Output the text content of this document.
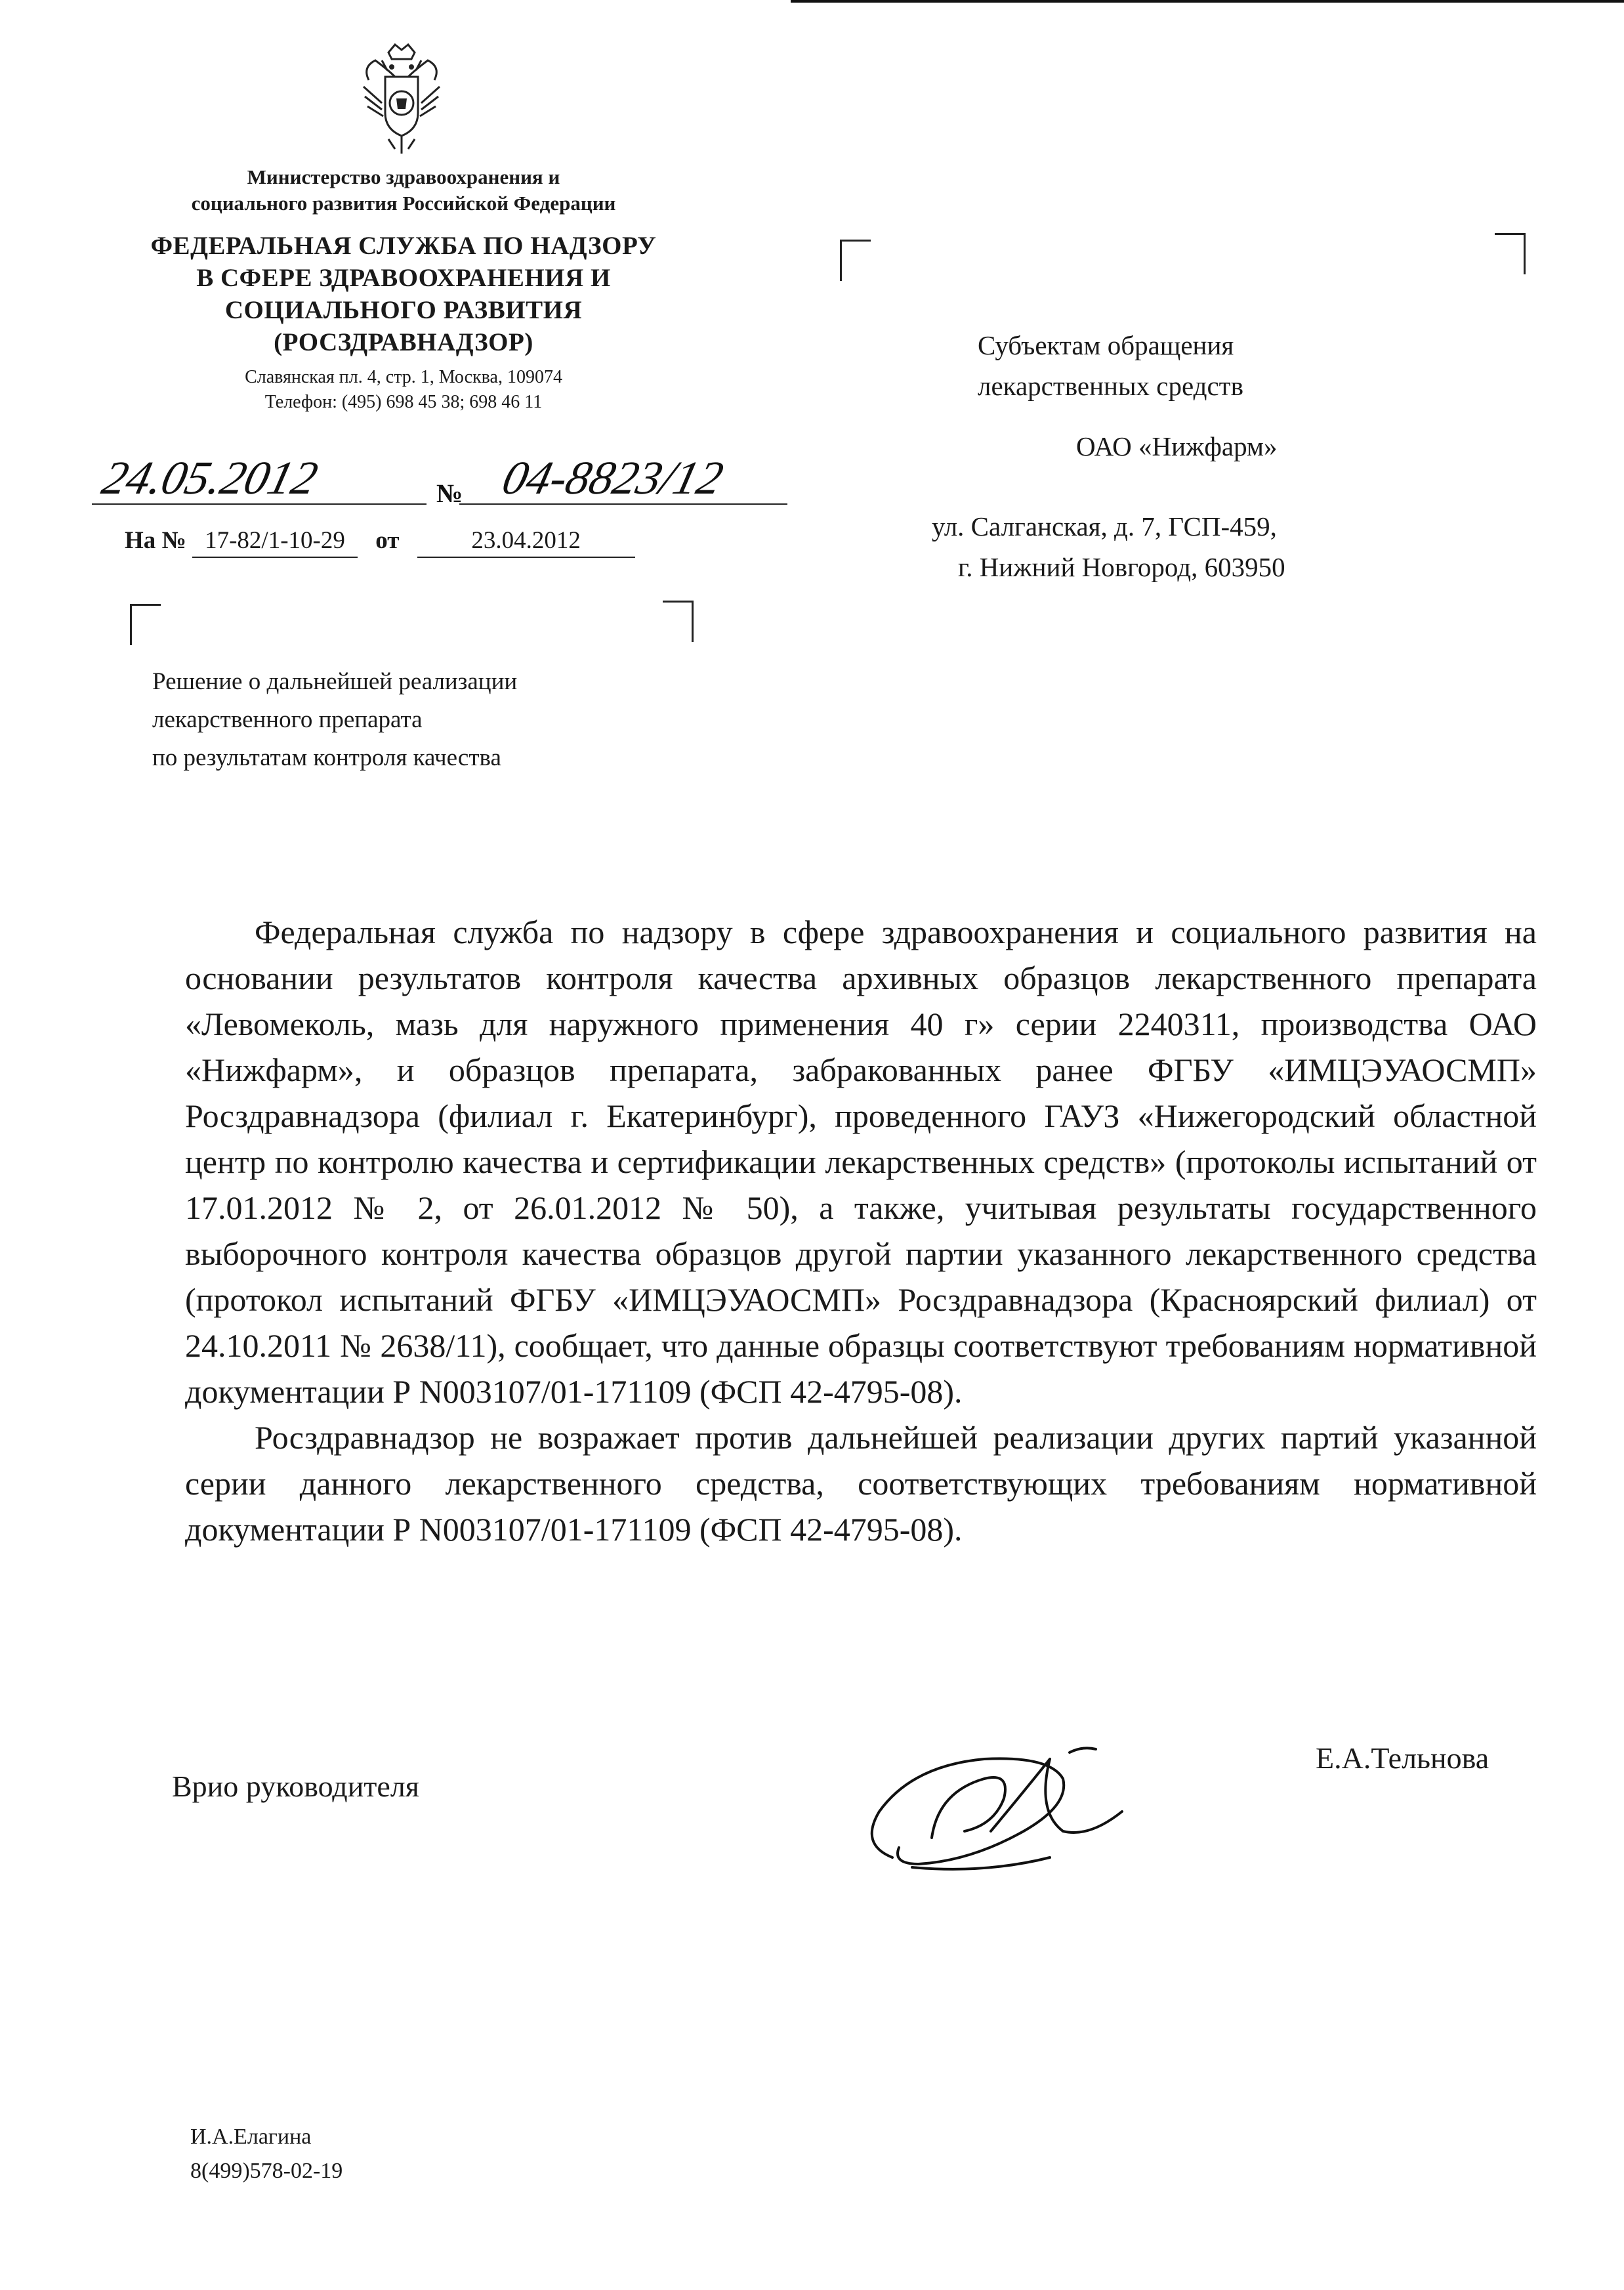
Министерство здравоохранения и
социального развития Российской Федерации
ФЕДЕРАЛЬНАЯ СЛУЖБА ПО НАДЗОРУ
В СФЕРЕ ЗДРАВООХРАНЕНИЯ И
СОЦИАЛЬНОГО РАЗВИТИЯ
(РОСЗДРАВНАДЗОР)
Славянская пл. 4, стр. 1, Москва, 109074
Телефон: (495) 698 45 38; 698 46 11
24.05.2012	№ 04-8823/12
На № 17-82/1-10-29 от	23.04.2012
Решение о дальнейшей реализации
лекарственного препарата
по результатам контроля качества
Субъектам обращения
лекарственных средств
ОАО «Нижфарм»
ул. Салганская, д. 7, ГСП-459,
г. Нижний Новгород, 603950

Федеральная служба по надзору в сфере здравоохранения и социального развития на основании результатов контроля качества архивных образцов лекарственного препарата «Левомеколь, мазь для наружного применения 40 г» серии 2240311, производства ОАО «Нижфарм», и образцов препарата, забракованных ранее ФГБУ «ИМЦЭУАОСМП» Росздравнадзора (филиал г. Екатеринбург), проведенного ГАУЗ «Нижегородский областной центр по контролю качества и сертификации лекарственных средств» (протоколы испытаний от 17.01.2012 № 2, от 26.01.2012 № 50), а также, учитывая результаты государственного выборочного контроля качества образцов другой партии указанного лекарственного средства (протокол испытаний ФГБУ «ИМЦЭУАОСМП» Росздравнадзора (Красноярский филиал) от 24.10.2011 № 2638/11), сообщает, что данные образцы соответствуют требованиям нормативной документации Р N003107/01-171109 (ФСП 42-4795-08).

Росздравнадзор не возражает против дальнейшей реализации других партий указанной серии данного лекарственного средства, соответствующих требованиям нормативной документации Р N003107/01-171109 (ФСП 42-4795-08).

Врио руководителя
Е.А.Тельнова
И.А.Елагина
8(499)578-02-19
